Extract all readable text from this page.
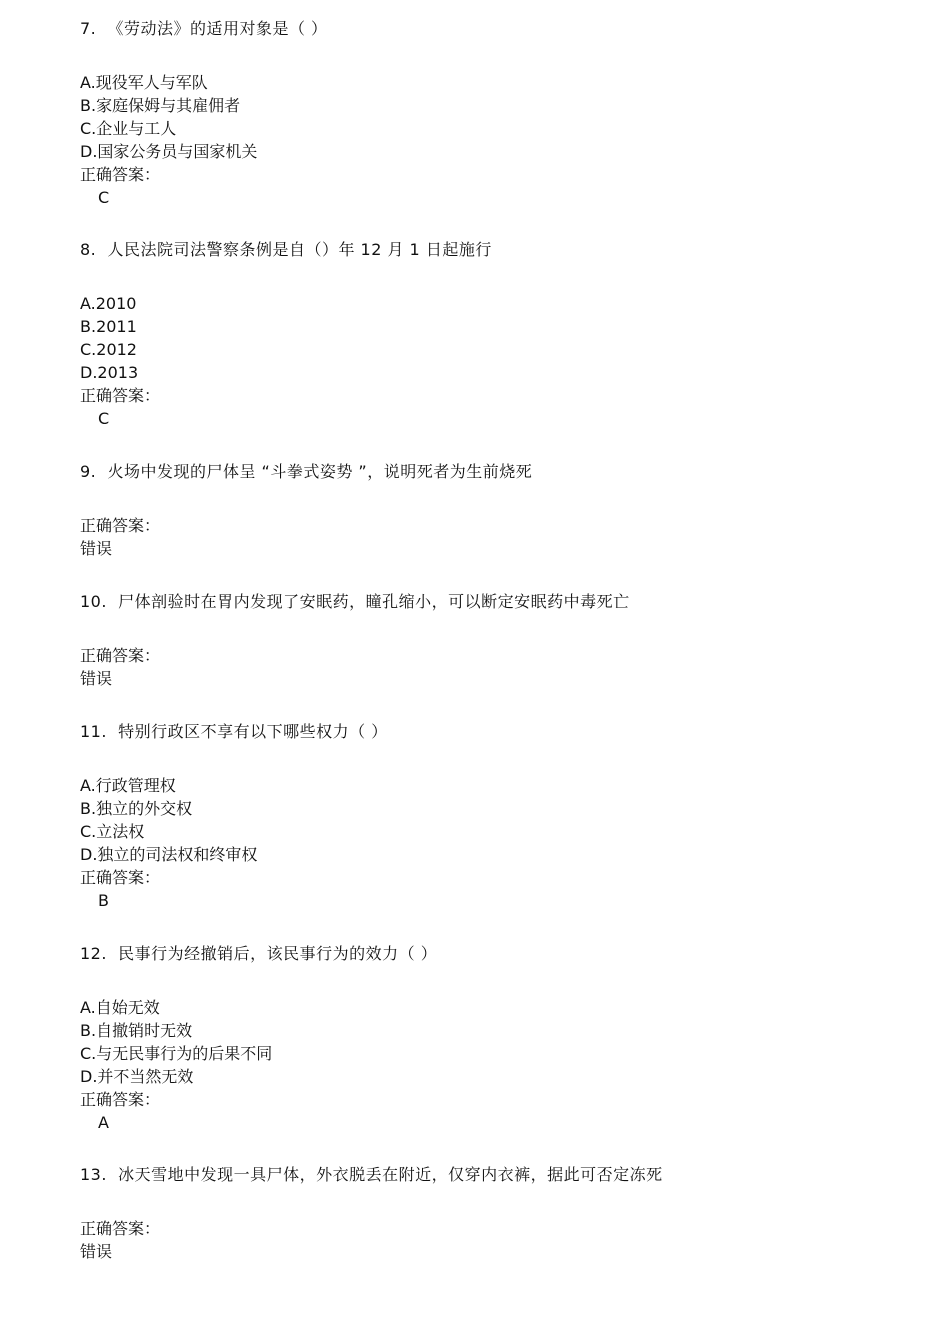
7.  《劳动法》的适用对象是（ ）
A.现役军人与军队
B.家庭保姆与其雇佣者
C.企业与工人
D.国家公务员与国家机关
正确答案：
C
8.  人民法院司法警察条例是自（）年 12 月 1 日起施行
A.2010
B.2011
C.2012
D.2013
正确答案：
C
9.  火场中发现的尸体呈 “斗拳式姿势 ”，说明死者为生前烧死
正确答案：
错误
10.  尸体剖验时在胃内发现了安眠药，瞳孔缩小，可以断定安眠药中毒死亡
正确答案：
错误
11.  特别行政区不享有以下哪些权力（ ）
A.行政管理权
B.独立的外交权
C.立法权
D.独立的司法权和终审权
正确答案：
B
12.  民事行为经撤销后，该民事行为的效力（ ）
A.自始无效
B.自撤销时无效
C.与无民事行为的后果不同
D.并不当然无效
正确答案：
A
13.  冰天雪地中发现一具尸体，外衣脱丢在附近，仅穿内衣裤，据此可否定冻死
正确答案：
错误
